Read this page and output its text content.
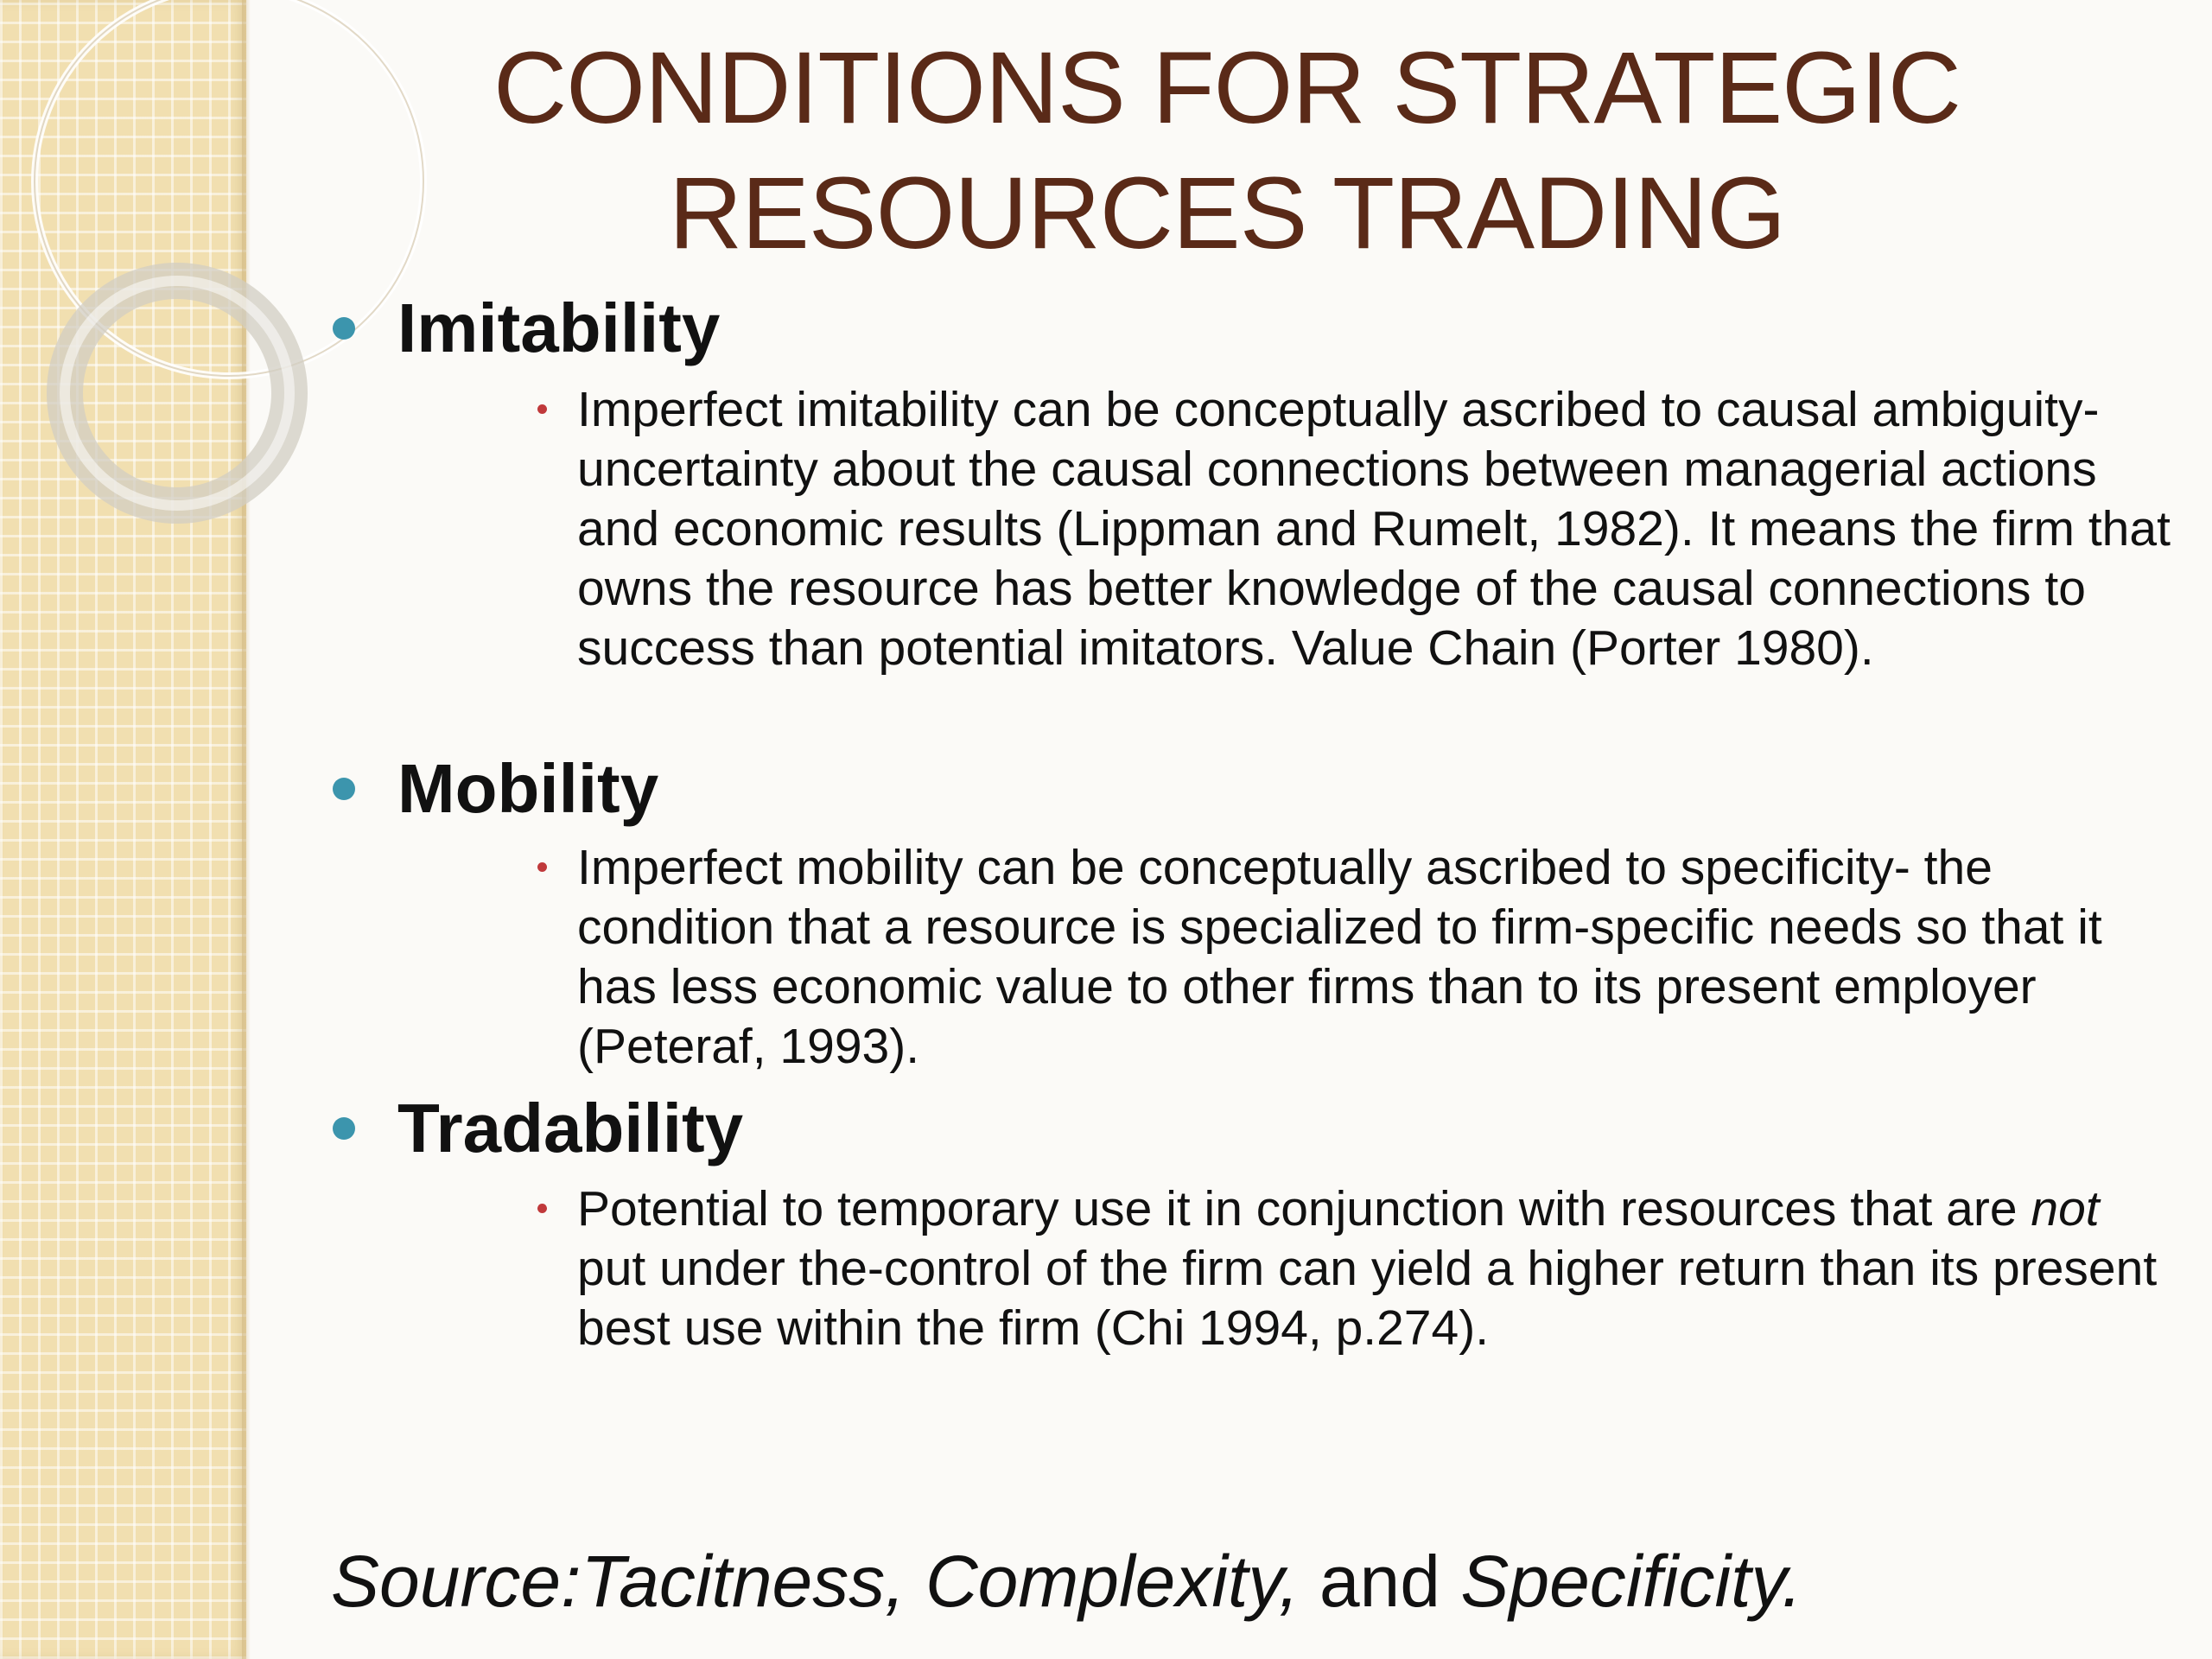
CONDITIONS FOR STRATEGIC
RESOURCES TRADING
Imitability
Imperfect imitability can be conceptually ascribed to causal ambiguity-uncertainty about the causal connections between managerial actions and economic results (Lippman and Rumelt, 1982). It means the firm that owns the resource has better knowledge of the causal connections to success than potential imitators. Value Chain (Porter 1980).
Mobility
Imperfect mobility can be conceptually ascribed to specificity- the condition that a resource is specialized to firm-specific needs so that it has less economic value to other firms than to its present employer (Peteraf, 1993).
Tradability
Potential to temporary use it in conjunction with resources that are not put under the-control of the firm can yield a higher return than its present best use within the firm (Chi 1994, p.274).
Source:Tacitness, Complexity, and Specificity.
